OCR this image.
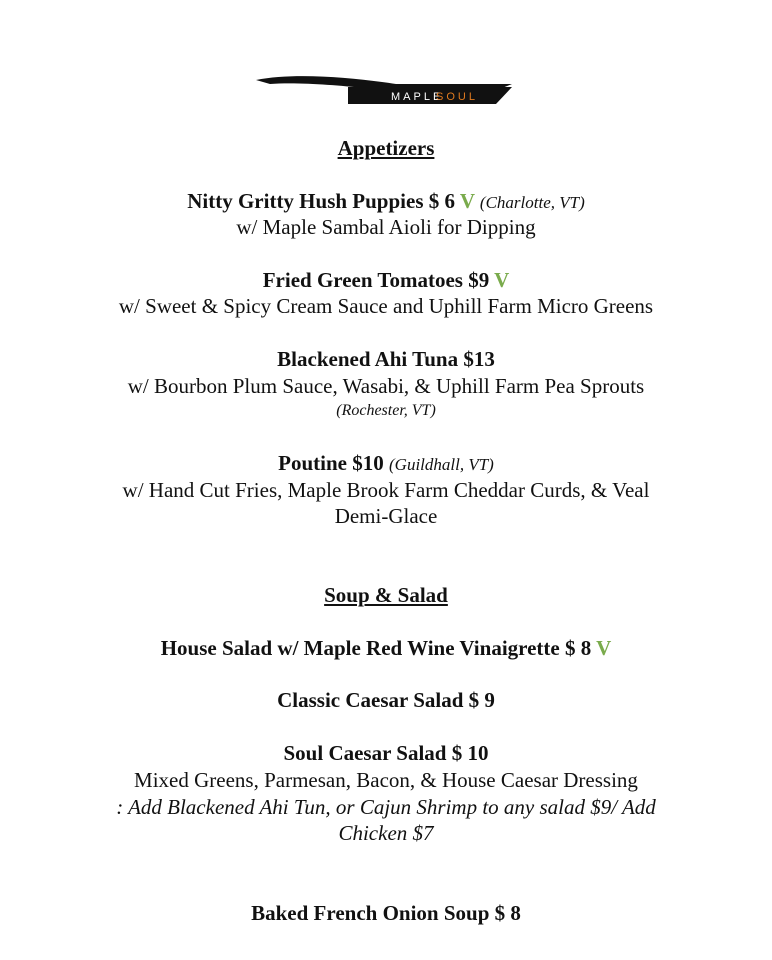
MAPLE
SOUL
Appetizers
Nitty Gritty Hush Puppies $ 6 V (Charlotte, VT)
w/ Maple Sambal Aioli for Dipping
Fried Green Tomatoes $9 V
w/ Sweet & Spicy Cream Sauce and Uphill Farm Micro Greens
Blackened Ahi Tuna $13
w/ Bourbon Plum Sauce, Wasabi, & Uphill Farm Pea Sprouts
(Rochester, VT)
Poutine $10 (Guildhall, VT)
w/ Hand Cut Fries, Maple Brook Farm Cheddar Curds, & Veal
Demi-Glace
Soup & Salad
House Salad w/ Maple Red Wine Vinaigrette $ 8 V
Classic Caesar Salad $ 9
Soul Caesar Salad $ 10
Mixed Greens, Parmesan, Bacon, & House Caesar Dressing
: Add Blackened Ahi Tun, or Cajun Shrimp to any salad $9/ Add
Chicken $7
Baked French Onion Soup $ 8
